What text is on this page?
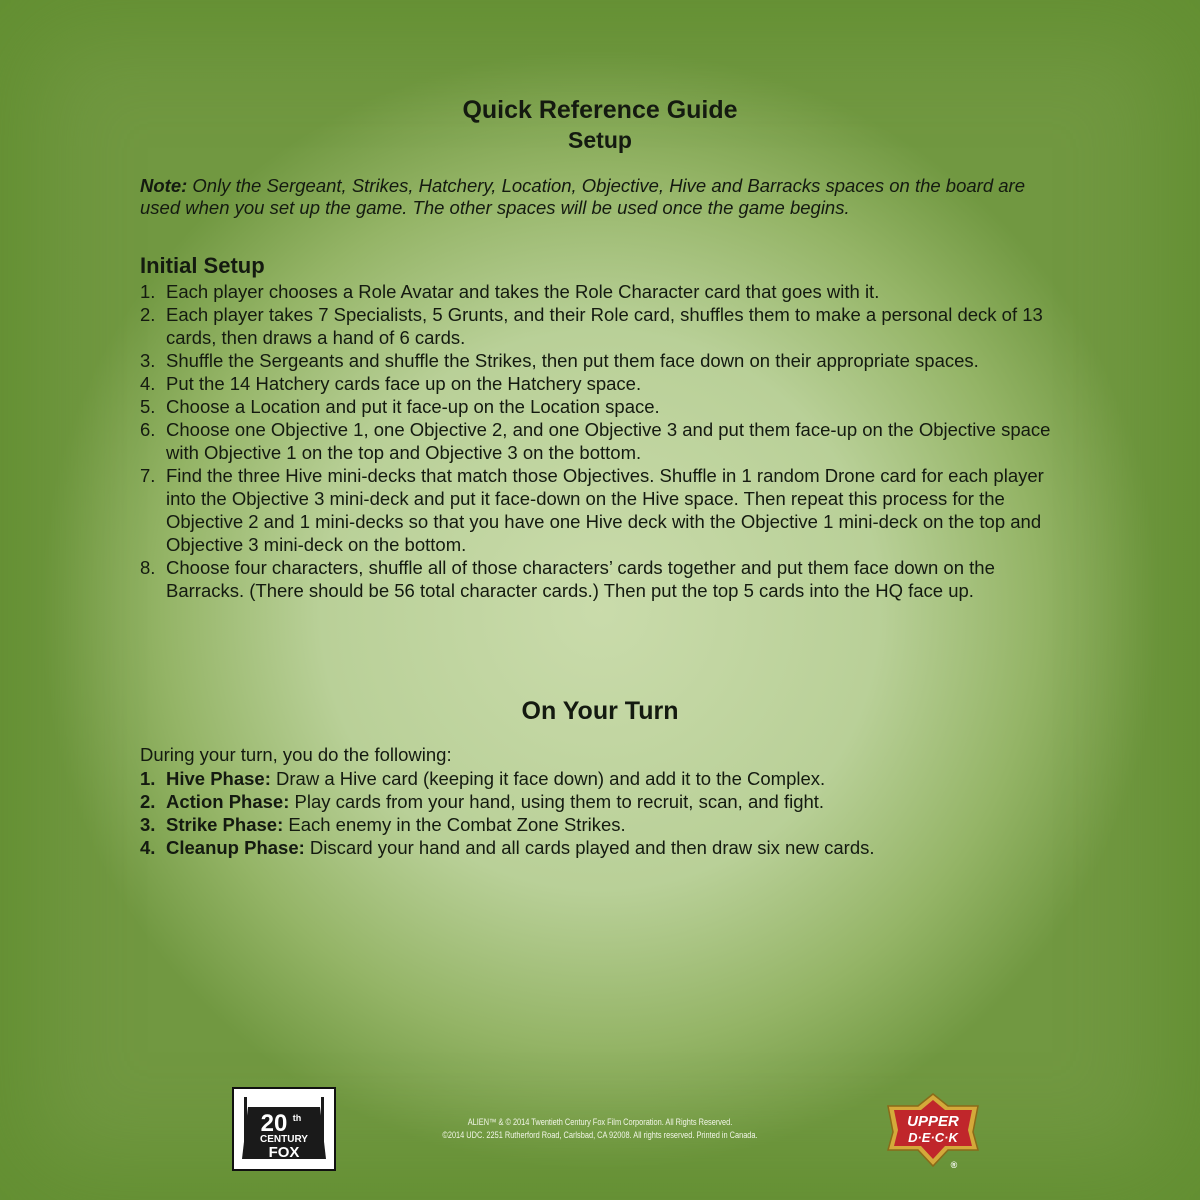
Quick Reference Guide
Setup
Note: Only the Sergeant, Strikes, Hatchery, Location, Objective, Hive and Barracks spaces on the board are used when you set up the game. The other spaces will be used once the game begins.
Initial Setup
1. Each player chooses a Role Avatar and takes the Role Character card that goes with it.
2. Each player takes 7 Specialists, 5 Grunts, and their Role card, shuffles them to make a personal deck of 13 cards, then draws a hand of 6 cards.
3. Shuffle the Sergeants and shuffle the Strikes, then put them face down on their appropriate spaces.
4. Put the 14 Hatchery cards face up on the Hatchery space.
5. Choose a Location and put it face-up on the Location space.
6. Choose one Objective 1, one Objective 2, and one Objective 3 and put them face-up on the Objective space with Objective 1 on the top and Objective 3 on the bottom.
7. Find the three Hive mini-decks that match those Objectives. Shuffle in 1 random Drone card for each player into the Objective 3 mini-deck and put it face-down on the Hive space. Then repeat this process for the Objective 2 and 1 mini-decks so that you have one Hive deck with the Objective 1 mini-deck on the top and Objective 3 mini-deck on the bottom.
8. Choose four characters, shuffle all of those characters’ cards together and put them face down on the Barracks. (There should be 56 total character cards.) Then put the top 5 cards into the HQ face up.
On Your Turn
During your turn, you do the following:
1. Hive Phase: Draw a Hive card (keeping it face down) and add it to the Complex.
2. Action Phase: Play cards from your hand, using them to recruit, scan, and fight.
3. Strike Phase: Each enemy in the Combat Zone Strikes.
4. Cleanup Phase: Discard your hand and all cards played and then draw six new cards.
20 th
CENTURY
FOX
ALIEN™ & © 2014 Twentieth Century Fox Film Corporation. All Rights Reserved.
©2014 UDC. 2251 Rutherford Road, Carlsbad, CA 92008. All rights reserved. Printed in Canada.
UPPER
D·E·C·K
®
